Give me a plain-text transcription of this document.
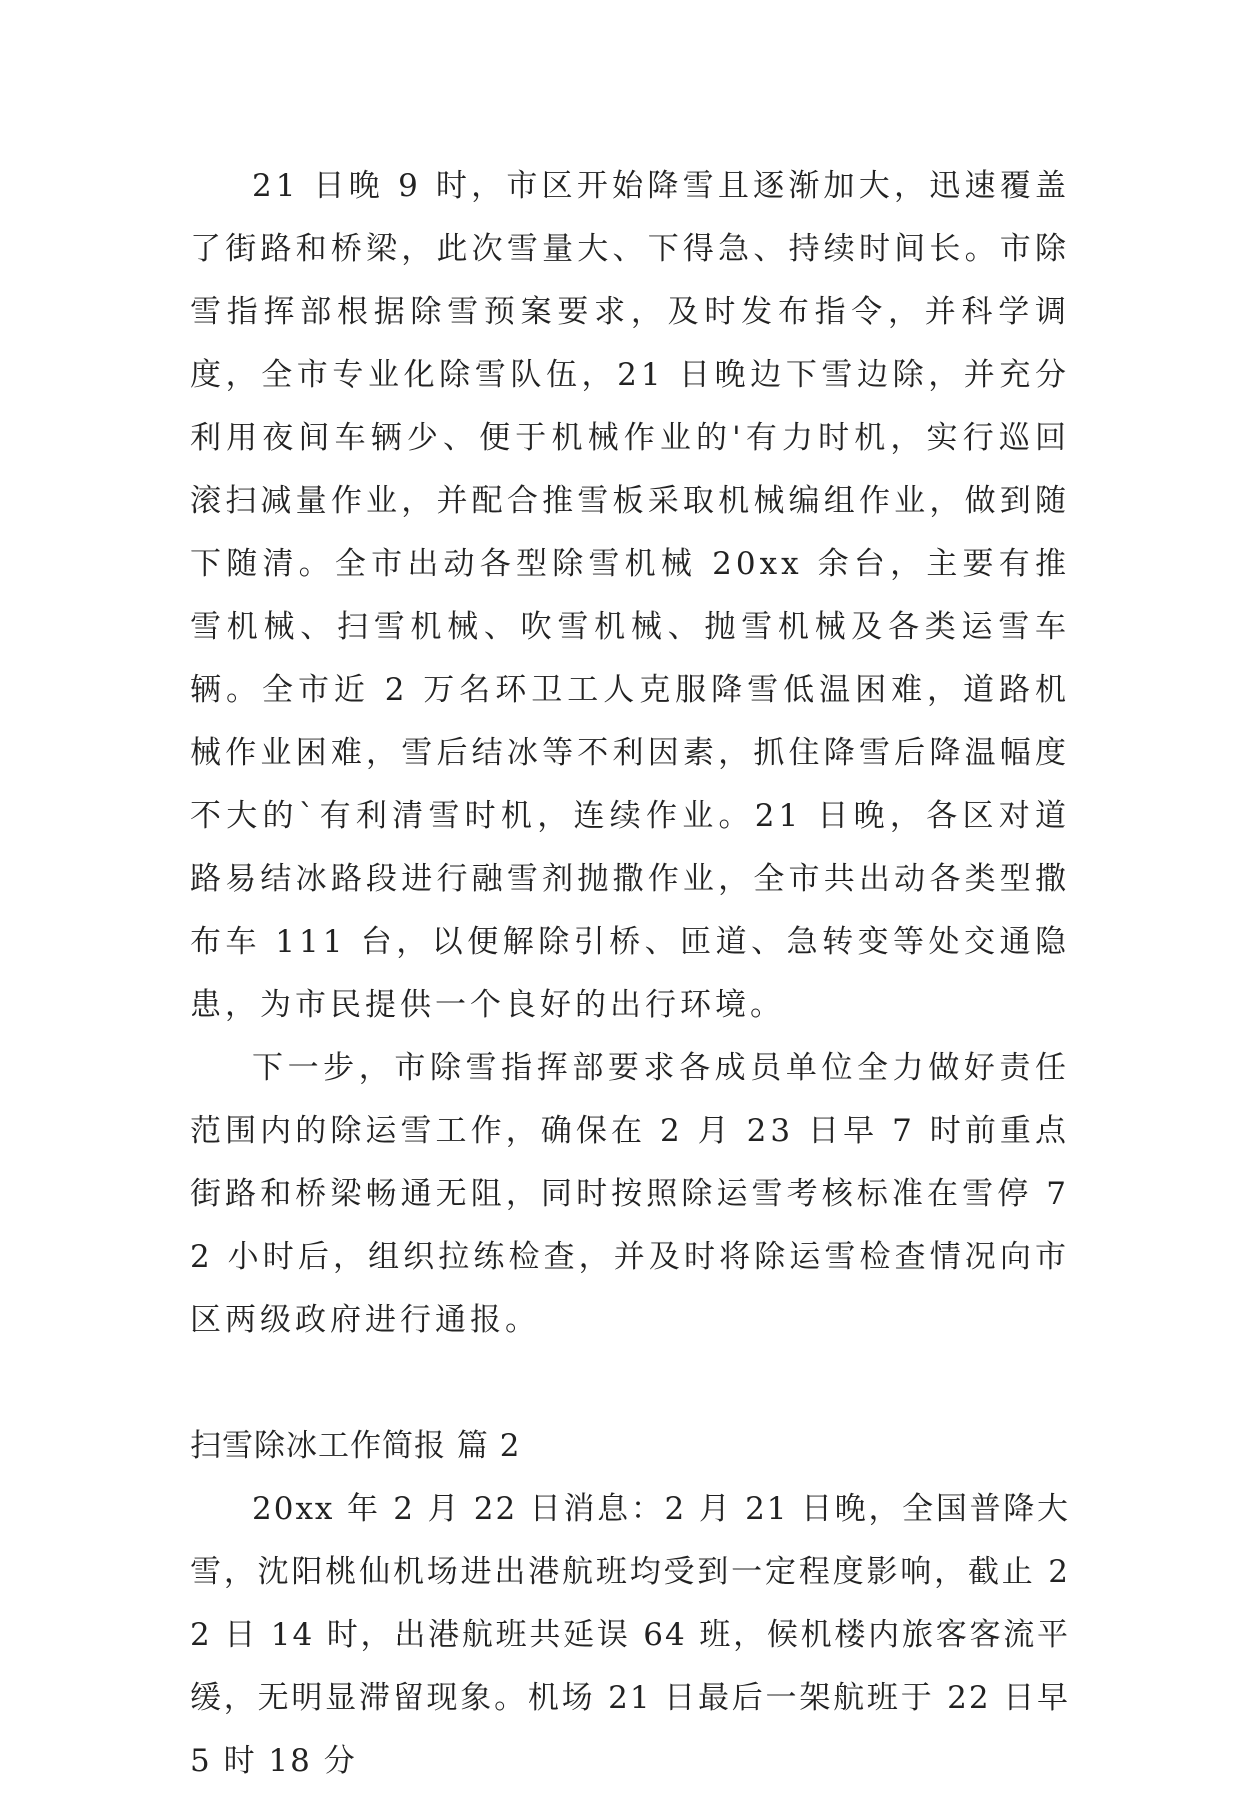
21 日晚 9 时，市区开始降雪且逐渐加大，迅速覆盖了街路和桥梁，此次雪量大、下得急、持续时间长。市除雪指挥部根据除雪预案要求，及时发布指令，并科学调度，全市专业化除雪队伍，21 日晚边下雪边除，并充分利用夜间车辆少、便于机械作业的'有力时机，实行巡回滚扫减量作业，并配合推雪板采取机械编组作业，做到随下随清。全市出动各型除雪机械 20xx 余台，主要有推雪机械、扫雪机械、吹雪机械、抛雪机械及各类运雪车辆。全市近 2 万名环卫工人克服降雪低温困难，道路机械作业困难，雪后结冰等不利因素，抓住降雪后降温幅度不大的`有利清雪时机，连续作业。21 日晚，各区对道路易结冰路段进行融雪剂抛撒作业，全市共出动各类型撒布车 111 台，以便解除引桥、匝道、急转变等处交通隐患，为市民提供一个良好的出行环境。

下一步，市除雪指挥部要求各成员单位全力做好责任范围内的除运雪工作，确保在 2 月 23 日早 7 时前重点街路和桥梁畅通无阻，同时按照除运雪考核标准在雪停 72 小时后，组织拉练检查，并及时将除运雪检查情况向市区两级政府进行通报。

扫雪除冰工作简报 篇 2

20xx 年 2 月 22 日消息：2 月 21 日晚，全国普降大雪，沈阳桃仙机场进出港航班均受到一定程度影响，截止 22 日 14 时，出港航班共延误 64 班，候机楼内旅客客流平缓，无明显滞留现象。机场 21 日最后一架航班于 22 日早 5 时 18 分
